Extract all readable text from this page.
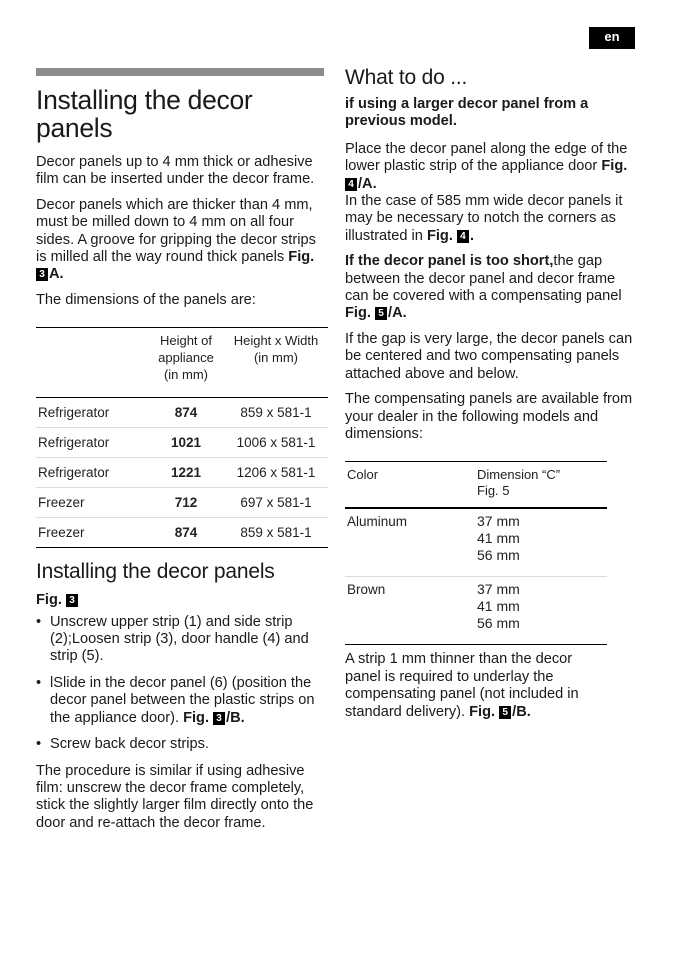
en
Installing the decor panels

Decor panels up to 4 mm thick or adhesive film can be inserted under the decor frame.

Decor panels which are thicker than 4 mm, must be milled down to 4 mm on all four sides. A groove for gripping the decor strips is milled all the way round thick panels Fig. 3 A.

The dimensions of the panels are:

	Height of appliance (in mm)	Height x Width (in mm)
Refrigerator	874	859 x 581-1
Refrigerator	1021	1006 x 581-1
Refrigerator	1221	1206 x 581-1
Freezer	712	697 x 581-1
Freezer	874	859 x 581-1
Installing the decor panels

Fig. 3

• Unscrew upper strip (1) and side strip (2);Loosen strip (3), door handle (4) and strip (5).
• lSlide in the decor panel (6) (position the decor panel between the plastic strips on the appliance door). Fig. 3 /B.
• Screw back decor strips.

The procedure is similar if using adhesive film: unscrew the decor frame completely, stick the slightly larger film directly onto the door and re-attach the decor frame.

What to do ...

if using a larger decor panel from a previous model.

Place the decor panel along the edge of the lower plastic strip of the appliance door Fig. 4 /A.
In the case of 585 mm wide decor panels it may be necessary to notch the corners as illustrated in Fig. 4 .

If the decor panel is too short,the gap between the decor panel and decor frame can be covered with a compensating panel Fig. 5 /A.

If the gap is very large, the decor panels can be centered and two compensating panels attached above and below.

The compensating panels are available from your dealer in the following models and dimensions:

Color	Dimension “C”
Fig. 5
Aluminum	37 mm
41 mm
56 mm
Brown	37 mm
41 mm
56 mm

A strip 1 mm thinner than the decor panel is required to underlay the compensating panel (not included in standard delivery). Fig. 5 /B.
